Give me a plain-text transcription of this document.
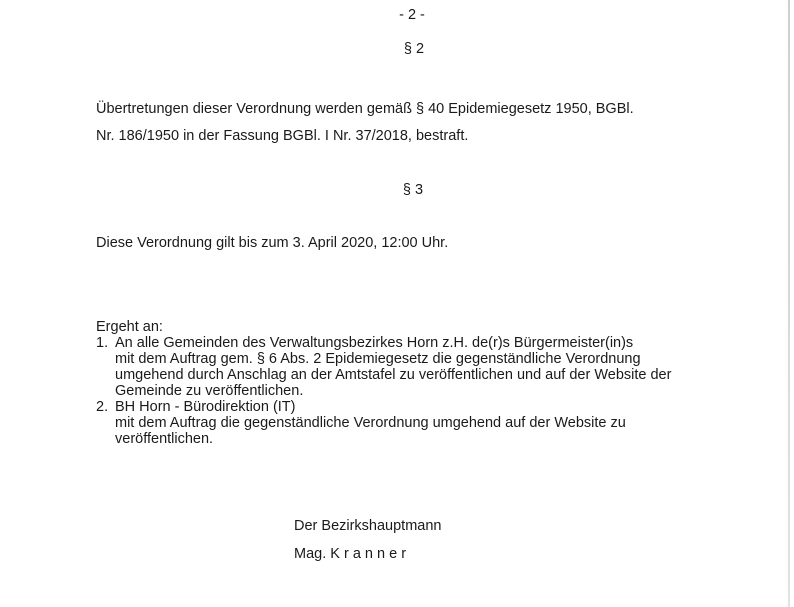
- 2 -
§ 2
Übertretungen dieser Verordnung werden gemäß § 40 Epidemiegesetz 1950, BGBl.
Nr. 186/1950 in der Fassung BGBl. I Nr. 37/2018, bestraft.
§ 3
Diese Verordnung gilt bis zum 3. April 2020, 12:00 Uhr.
Ergeht an:
1. An alle Gemeinden des Verwaltungsbezirkes Horn z.H. de(r)s Bürgermeister(in)s
mit dem Auftrag gem. § 6 Abs. 2 Epidemiegesetz die gegenständliche Verordnung
umgehend durch Anschlag an der Amtstafel zu veröffentlichen und auf der Website der
Gemeinde zu veröffentlichen.
2. BH Horn - Bürodirektion (IT)
mit dem Auftrag die gegenständliche Verordnung umgehend auf der Website zu
veröffentlichen.
Der Bezirkshauptmann
Mag. K r a n n e r
